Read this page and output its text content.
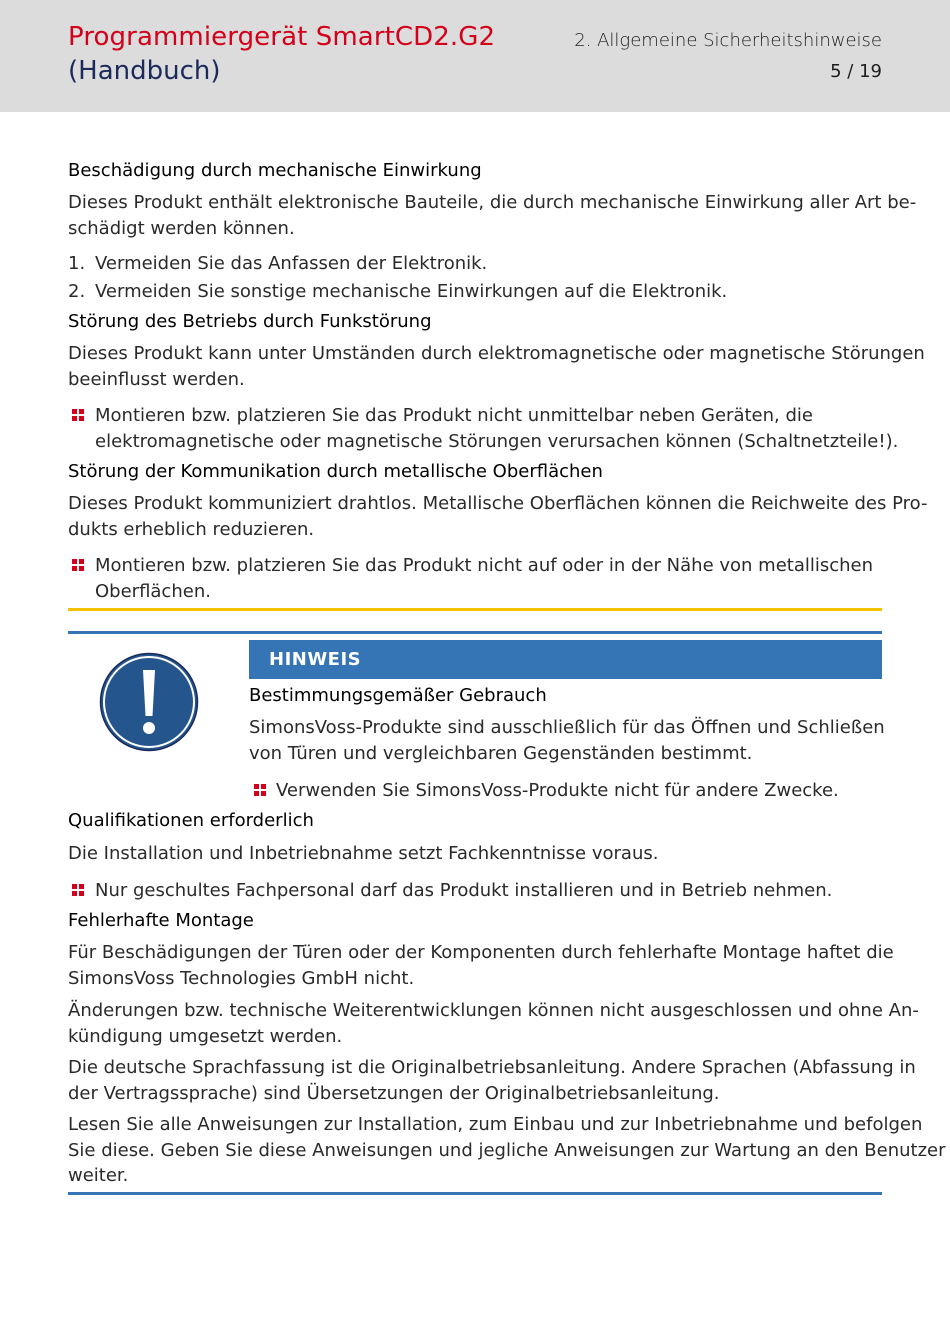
Programmiergerät SmartCD2.G2
(Handbuch)
2. Allgemeine Sicherheitshinweise
5 / 19
Beschädigung durch mechanische Einwirkung
Dieses Produkt enthält elektronische Bauteile, die durch mechanische Einwirkung aller Art be-
schädigt werden können.
1. Vermeiden Sie das Anfassen der Elektronik.
2. Vermeiden Sie sonstige mechanische Einwirkungen auf die Elektronik.
Störung des Betriebs durch Funkstörung
Dieses Produkt kann unter Umständen durch elektromagnetische oder magnetische Störungen
beeinflusst werden.
Montieren bzw. platzieren Sie das Produkt nicht unmittelbar neben Geräten, die
elektromagnetische oder magnetische Störungen verursachen können (Schaltnetzteile!).
Störung der Kommunikation durch metallische Oberflächen
Dieses Produkt kommuniziert drahtlos. Metallische Oberflächen können die Reichweite des Pro-
dukts erheblich reduzieren.
Montieren bzw. platzieren Sie das Produkt nicht auf oder in der Nähe von metallischen
Oberflächen.
HINWEIS
Bestimmungsgemäßer Gebrauch
SimonsVoss-Produkte sind ausschließlich für das Öffnen und Schließen
von Türen und vergleichbaren Gegenständen bestimmt.
Verwenden Sie SimonsVoss-Produkte nicht für andere Zwecke.
Qualifikationen erforderlich
Die Installation und Inbetriebnahme setzt Fachkenntnisse voraus.
Nur geschultes Fachpersonal darf das Produkt installieren und in Betrieb nehmen.
Fehlerhafte Montage
Für Beschädigungen der Türen oder der Komponenten durch fehlerhafte Montage haftet die
SimonsVoss Technologies GmbH nicht.
Änderungen bzw. technische Weiterentwicklungen können nicht ausgeschlossen und ohne An-
kündigung umgesetzt werden.
Die deutsche Sprachfassung ist die Originalbetriebsanleitung. Andere Sprachen (Abfassung in
der Vertragssprache) sind Übersetzungen der Originalbetriebsanleitung.
Lesen Sie alle Anweisungen zur Installation, zum Einbau und zur Inbetriebnahme und befolgen
Sie diese. Geben Sie diese Anweisungen und jegliche Anweisungen zur Wartung an den Benutzer
weiter.
